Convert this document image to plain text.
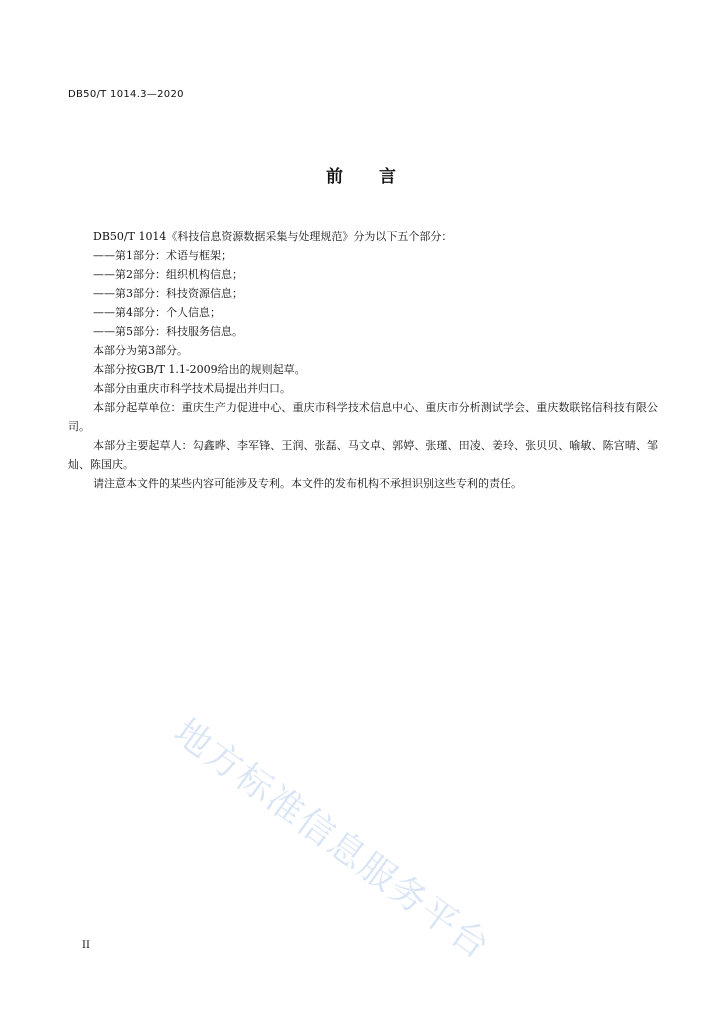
DB50/T 1014.3—2020

前 言

DB50/T 1014《科技信息资源数据采集与处理规范》分为以下五个部分：

——第1部分：术语与框架；

——第2部分：组织机构信息；

——第3部分：科技资源信息；

——第4部分：个人信息；

——第5部分：科技服务信息。

本部分为第3部分。

本部分按GB/T 1.1-2009给出的规则起草。

本部分由重庆市科学技术局提出并归口。

本部分起草单位：重庆生产力促进中心、重庆市科学技术信息中心、重庆市分析测试学会、重庆数联铭信科技有限公司。

本部分主要起草人：勾鑫晔、李军锋、王润、张磊、马文卓、郭婷、张瑾、田凌、姜玲、张贝贝、喻敏、陈宫晴、邹灿、陈国庆。

请注意本文件的某些内容可能涉及专利。本文件的发布机构不承担识别这些专利的责任。

地方标准信息服务平台

II
